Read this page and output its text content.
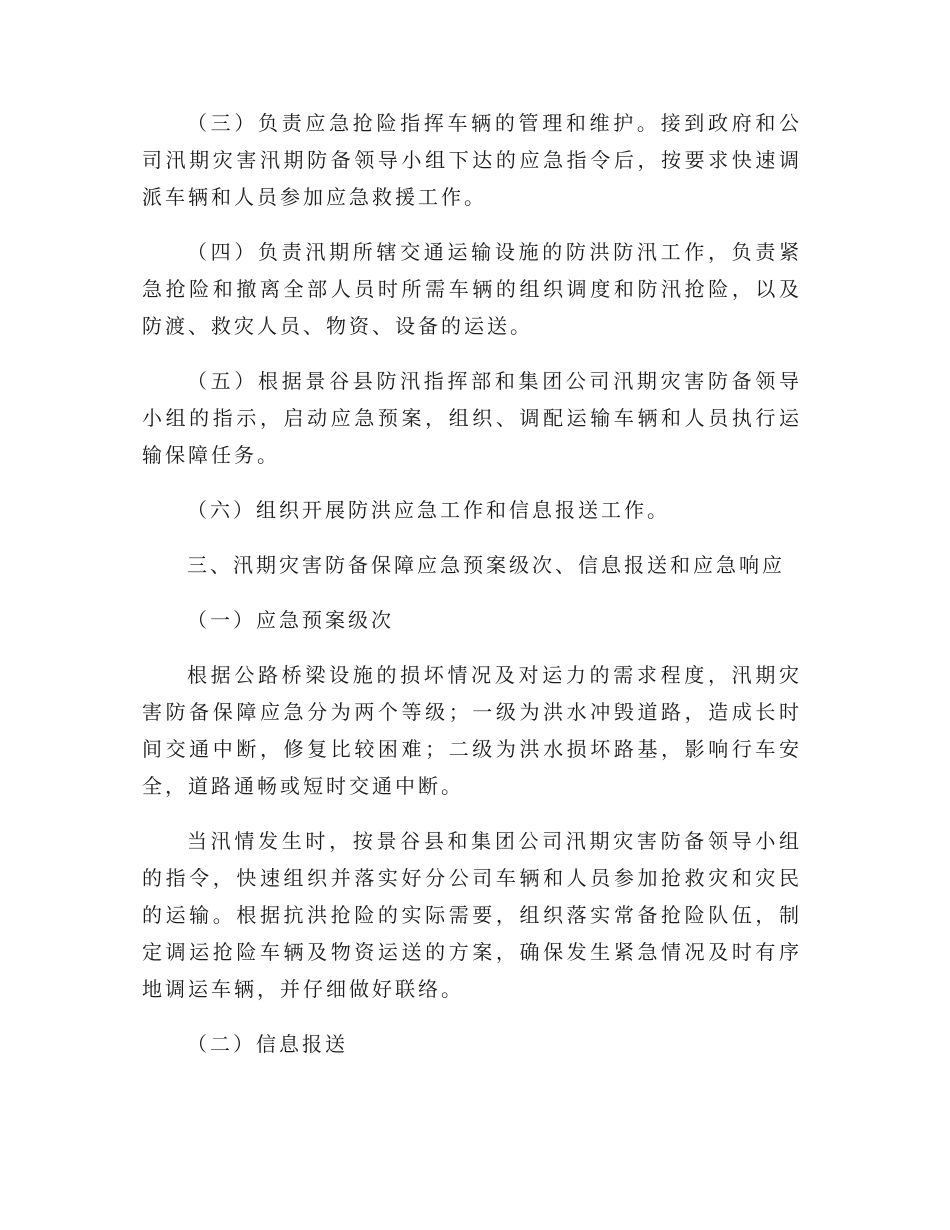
（三）负责应急抢险指挥车辆的管理和维护。接到政府和公司汛期灾害汛期防备领导小组下达的应急指令后，按要求快速调派车辆和人员参加应急救援工作。

（四）负责汛期所辖交通运输设施的防洪防汛工作，负责紧急抢险和撤离全部人员时所需车辆的组织调度和防汛抢险，以及防渡、救灾人员、物资、设备的运送。

（五）根据景谷县防汛指挥部和集团公司汛期灾害防备领导小组的指示，启动应急预案，组织、调配运输车辆和人员执行运输保障任务。

（六）组织开展防洪应急工作和信息报送工作。

三、汛期灾害防备保障应急预案级次、信息报送和应急响应

（一）应急预案级次

根据公路桥梁设施的损坏情况及对运力的需求程度，汛期灾害防备保障应急分为两个等级；一级为洪水冲毁道路，造成长时间交通中断，修复比较困难；二级为洪水损坏路基，影响行车安全，道路通畅或短时交通中断。

当汛情发生时，按景谷县和集团公司汛期灾害防备领导小组的指令，快速组织并落实好分公司车辆和人员参加抢救灾和灾民的运输。根据抗洪抢险的实际需要，组织落实常备抢险队伍，制定调运抢险车辆及物资运送的方案，确保发生紧急情况及时有序地调运车辆，并仔细做好联络。

（二）信息报送
